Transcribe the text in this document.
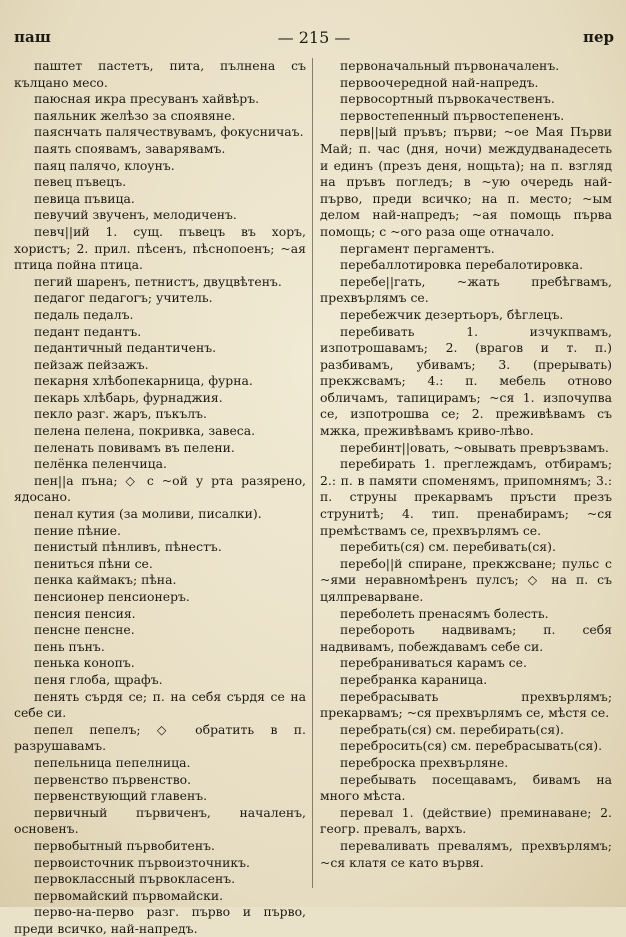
паш	— 215 —	пер

паштет пастетъ, пита, пълнена съ кълцано месо.

паюсная икра пресуванъ хайвѣръ.

паяльник желѣзо за споявяне.

паяснчать палячествувамъ, фокусничаъ.

паять споявамъ, заварявамъ.

паяц палячо, клоунъ.

певец пъвецъ.

певица пъвица.

певучий звученъ, мелодиченъ.

певч||ий 1. сущ. пъвецъ въ хоръ, хористъ; 2. прил. пѣсенъ, пѣснопоенъ; ~ая птица пойна птица.

пегий шаренъ, петнистъ, двуцвѣтенъ.

педагог педагогъ; учитель.

педаль педалъ.

педант педантъ.

педантичный педантиченъ.

пейзаж пейзажъ.

пекарня хлѣбопекарница, фурна.

пекарь хлѣбарь, фурнаджия.

пекло разг. жаръ, пъкълъ.

пелена пелена, покривка, завеса.

пеленать повивамъ въ пелени.

пелёнка пеленчица.

пен||а пъна; ◇ с ~ой у рта разярено, ядосано.

пенал кутия (за моливи, писалки).

пение пѣние.

пенистый пѣнливъ, пѣнестъ.

пениться пѣни се.

пенка каймакъ; пѣна.

пенсионер пенсионеръ.

пенсия пенсия.

пенсне пенсне.

пень пънъ.

пенька конопъ.

пеня глоба, щрафъ.

пенять сърдя се; п. на себя сърдя се на себе си.

пепел пепелъ; ◇ обратить в п. разрушавамъ.

пепельница пепелница.

первенство първенство.

первенствующий главенъ.

первичный първиченъ, началенъ, основенъ.

первобытный първобитенъ.

первоисточник първоизточникъ.

первоклассный първокласенъ.

первомайский първомайски.

перво-на-перво разг. първо и първо, преди всичко, най-напредъ.

первоначальный първоначаленъ.

первоочередной най-напредъ.

первосортный първокачественъ.

первостепенный първостепененъ.

перв||ый пръвъ; първи; ~ое Мая Първи Май; п. час (дня, ночи) междудванадесеть и единъ (презъ деня, нощьта); на п. взгляд на пръвъ погледъ; в ~ую очередь най-първо, преди всичко; на п. место; ~ым делом най-напредъ; ~ая помощь първа помощь; с ~ого раза още отначало.

пергамент пергаментъ.

перебаллотировка перебалотировка.

перебе||гать, ~жать пребѣгвамъ, прехвърлямъ се.

перебежчик дезертьоръ, бѣглецъ.

перебивать 1. изчукпвамъ, изпотрошавамъ; 2. (врагов и т. п.) разбивамъ, убивамъ; 3. (прерывать) прекжсвамъ; 4.: п. мебель отново обличамъ, тапицирамъ; ~ся 1. изпочупва се, изпотрошва се; 2. преживѣвамъ съ мжка, преживѣвамъ криво-лѣво.

перебинт||овать, ~овывать превръзвамъ.

перебирать 1. преглеждамъ, отбирамъ; 2.: п. в памяти споменямъ, припомнямъ; 3.: п. струны прекарвамъ пръсти презъ струнитѣ; 4. тип. пренабирамъ; ~ся премѣствамъ се, прехвърлямъ се.

перебить(ся) см. перебивать(ся).

перебо||й спиране, прекжсване; пульс с ~ями неравномѣренъ пулсъ; ◇ на п. съ цялпреварване.

переболеть пренасямъ болесть.

перебороть надвивамъ; п. себя надвивамъ, побеждавамъ себе си.

перебраниваться карамъ се.

перебранка караница.

перебрасывать прехвърлямъ; прекарвамъ; ~ся прехвърлямъ се, мѣстя се.

перебрать(ся) см. перебирать(ся).

перебросить(ся) см. перебрасывать(ся).

переброска прехвърляне.

перебывать посещавамъ, бивамъ на много мѣста.

перевал 1. (действие) преминаване; 2. геогр. превалъ, вархъ.

переваливать превалямъ, прехвърлямъ; ~ся клатя се като вървя.
